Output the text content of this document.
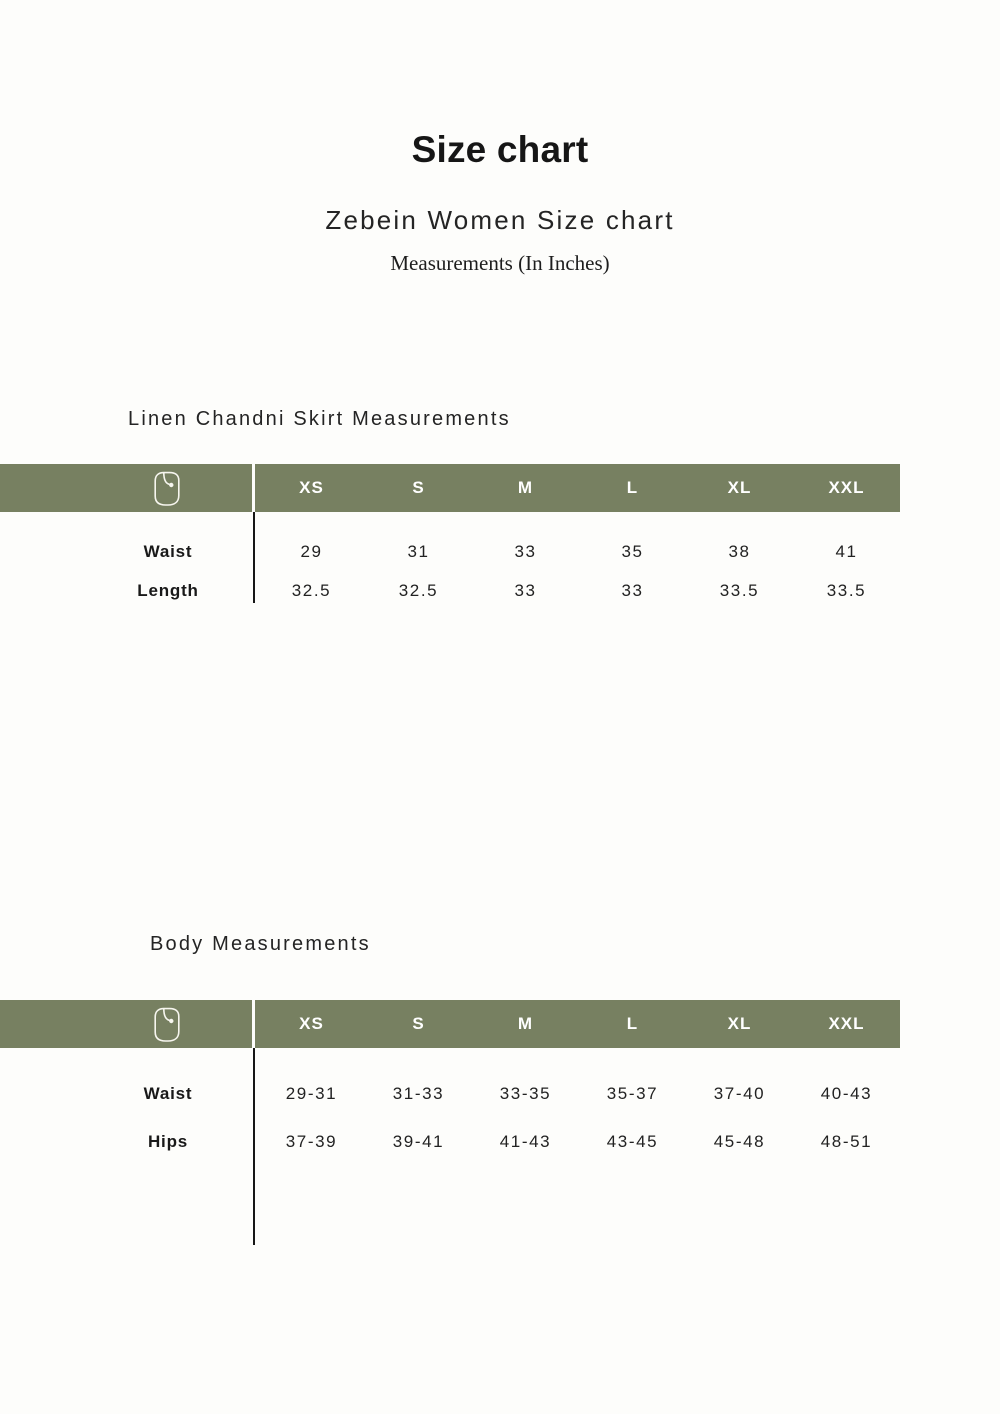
Size chart
Zebein Women Size chart
Measurements (In Inches)
Linen Chandni Skirt Measurements
XS	S	M	L	XL	XXL
Waist	29	31	33	35	38	41
Length	32.5	32.5	33	33	33.5	33.5
Body Measurements
XS	S	M	L	XL	XXL
Waist	29-31	31-33	33-35	35-37	37-40	40-43
Hips	37-39	39-41	41-43	43-45	45-48	48-51
